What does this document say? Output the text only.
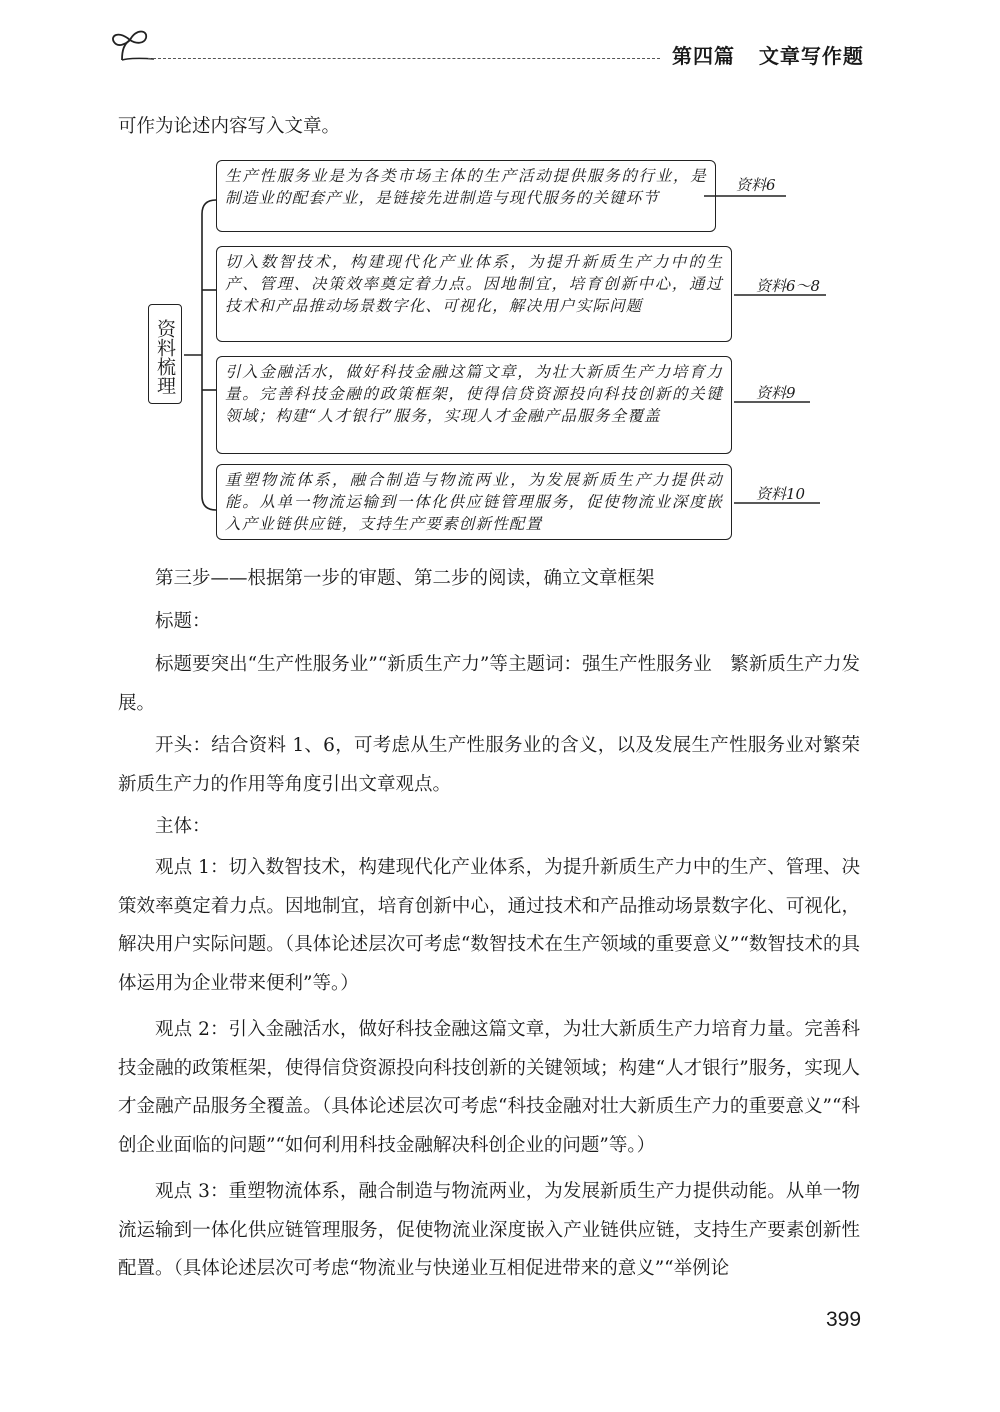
第四篇 文章写作题

可作为论述内容写入文章。

资料梳理
生产性服务业是为各类市场主体的生产活动提供服务的行业，是制造业的配套产业，是链接先进制造与现代服务的关键环节
切入数智技术，构建现代化产业体系，为提升新质生产力中的生产、管理、决策效率奠定着力点。因地制宜，培育创新中心，通过技术和产品推动场景数字化、可视化，解决用户实际问题
引入金融活水，做好科技金融这篇文章，为壮大新质生产力培育力量。完善科技金融的政策框架，使得信贷资源投向科技创新的关键领域；构建“人才银行”服务，实现人才金融产品服务全覆盖
重塑物流体系，融合制造与物流两业，为发展新质生产力提供动能。从单一物流运输到一体化供应链管理服务，促使物流业深度嵌入产业链供应链，支持生产要素创新性配置
资料6
资料6～8
资料9
资料10

第三步——根据第一步的审题、第二步的阅读，确立文章框架

标题：

标题要突出“生产性服务业”“新质生产力”等主题词：强生产性服务业　繁新质生产力发展。

开头：结合资料 1、6，可考虑从生产性服务业的含义，以及发展生产性服务业对繁荣新质生产力的作用等角度引出文章观点。

主体：

观点 1：切入数智技术，构建现代化产业体系，为提升新质生产力中的生产、管理、决策效率奠定着力点。因地制宜，培育创新中心，通过技术和产品推动场景数字化、可视化，解决用户实际问题。（具体论述层次可考虑“数智技术在生产领域的重要意义”“数智技术的具体运用为企业带来便利”等。）

观点 2：引入金融活水，做好科技金融这篇文章，为壮大新质生产力培育力量。完善科技金融的政策框架，使得信贷资源投向科技创新的关键领域；构建“人才银行”服务，实现人才金融产品服务全覆盖。（具体论述层次可考虑“科技金融对壮大新质生产力的重要意义”“科创企业面临的问题”“如何利用科技金融解决科创企业的问题”等。）

观点 3：重塑物流体系，融合制造与物流两业，为发展新质生产力提供动能。从单一物流运输到一体化供应链管理服务，促使物流业深度嵌入产业链供应链，支持生产要素创新性配置。（具体论述层次可考虑“物流业与快递业互相促进带来的意义”“举例论

399
